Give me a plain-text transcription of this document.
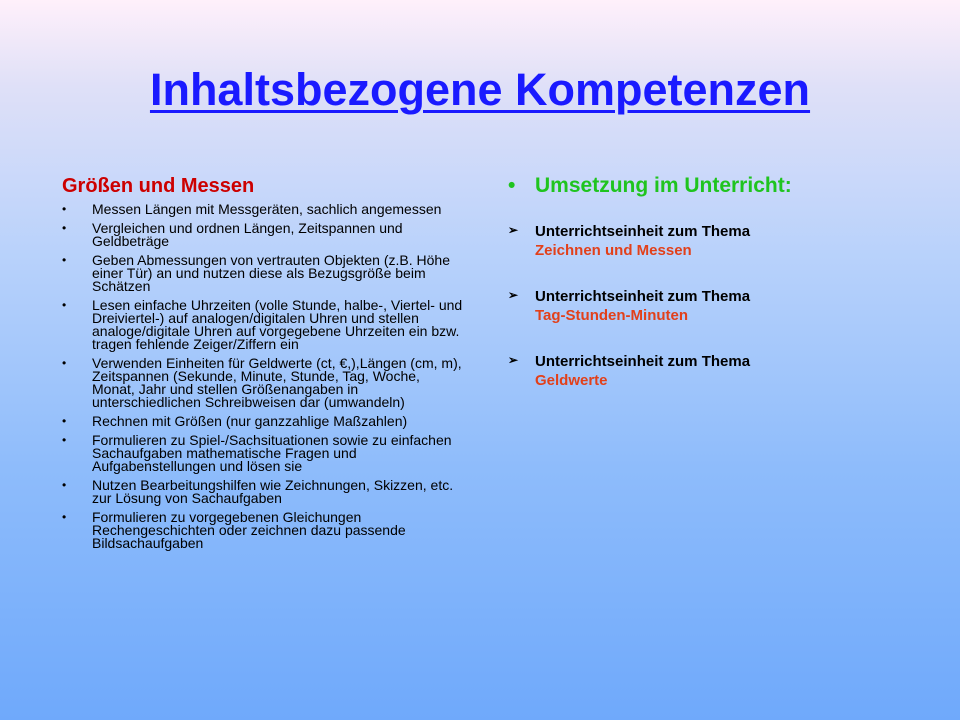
Inhaltsbezogene Kompetenzen
Größen und Messen
• Messen Längen mit Messgeräten, sachlich angemessen
• Vergleichen und ordnen Längen, Zeitspannen und Geldbeträge
• Geben Abmessungen von vertrauten Objekten (z.B. Höhe einer Tür) an und nutzen diese als Bezugsgröße beim Schätzen
• Lesen einfache Uhrzeiten (volle Stunde, halbe-, Viertel- und Dreiviertel-) auf analogen/digitalen Uhren und stellen analoge/digitale Uhren auf vorgegebene Uhrzeiten ein bzw. tragen fehlende Zeiger/Ziffern ein
• Verwenden Einheiten für Geldwerte (ct, €,),Längen (cm, m), Zeitspannen (Sekunde, Minute, Stunde, Tag, Woche, Monat, Jahr und stellen Größenangaben in unterschiedlichen Schreibweisen dar (umwandeln)
• Rechnen mit Größen (nur ganzzahlige Maßzahlen)
• Formulieren zu Spiel-/Sachsituationen sowie zu einfachen Sachaufgaben mathematische Fragen und Aufgabenstellungen und lösen sie
• Nutzen Bearbeitungshilfen wie Zeichnungen, Skizzen, etc. zur Lösung von Sachaufgaben
• Formulieren zu vorgegebenen Gleichungen Rechengeschichten oder zeichnen dazu passende Bildsachaufgaben
• Umsetzung im Unterricht:
➢ Unterrichtseinheit zum Thema
Zeichnen und Messen
➢ Unterrichtseinheit zum Thema
Tag-Stunden-Minuten
➢ Unterrichtseinheit zum Thema
Geldwerte
